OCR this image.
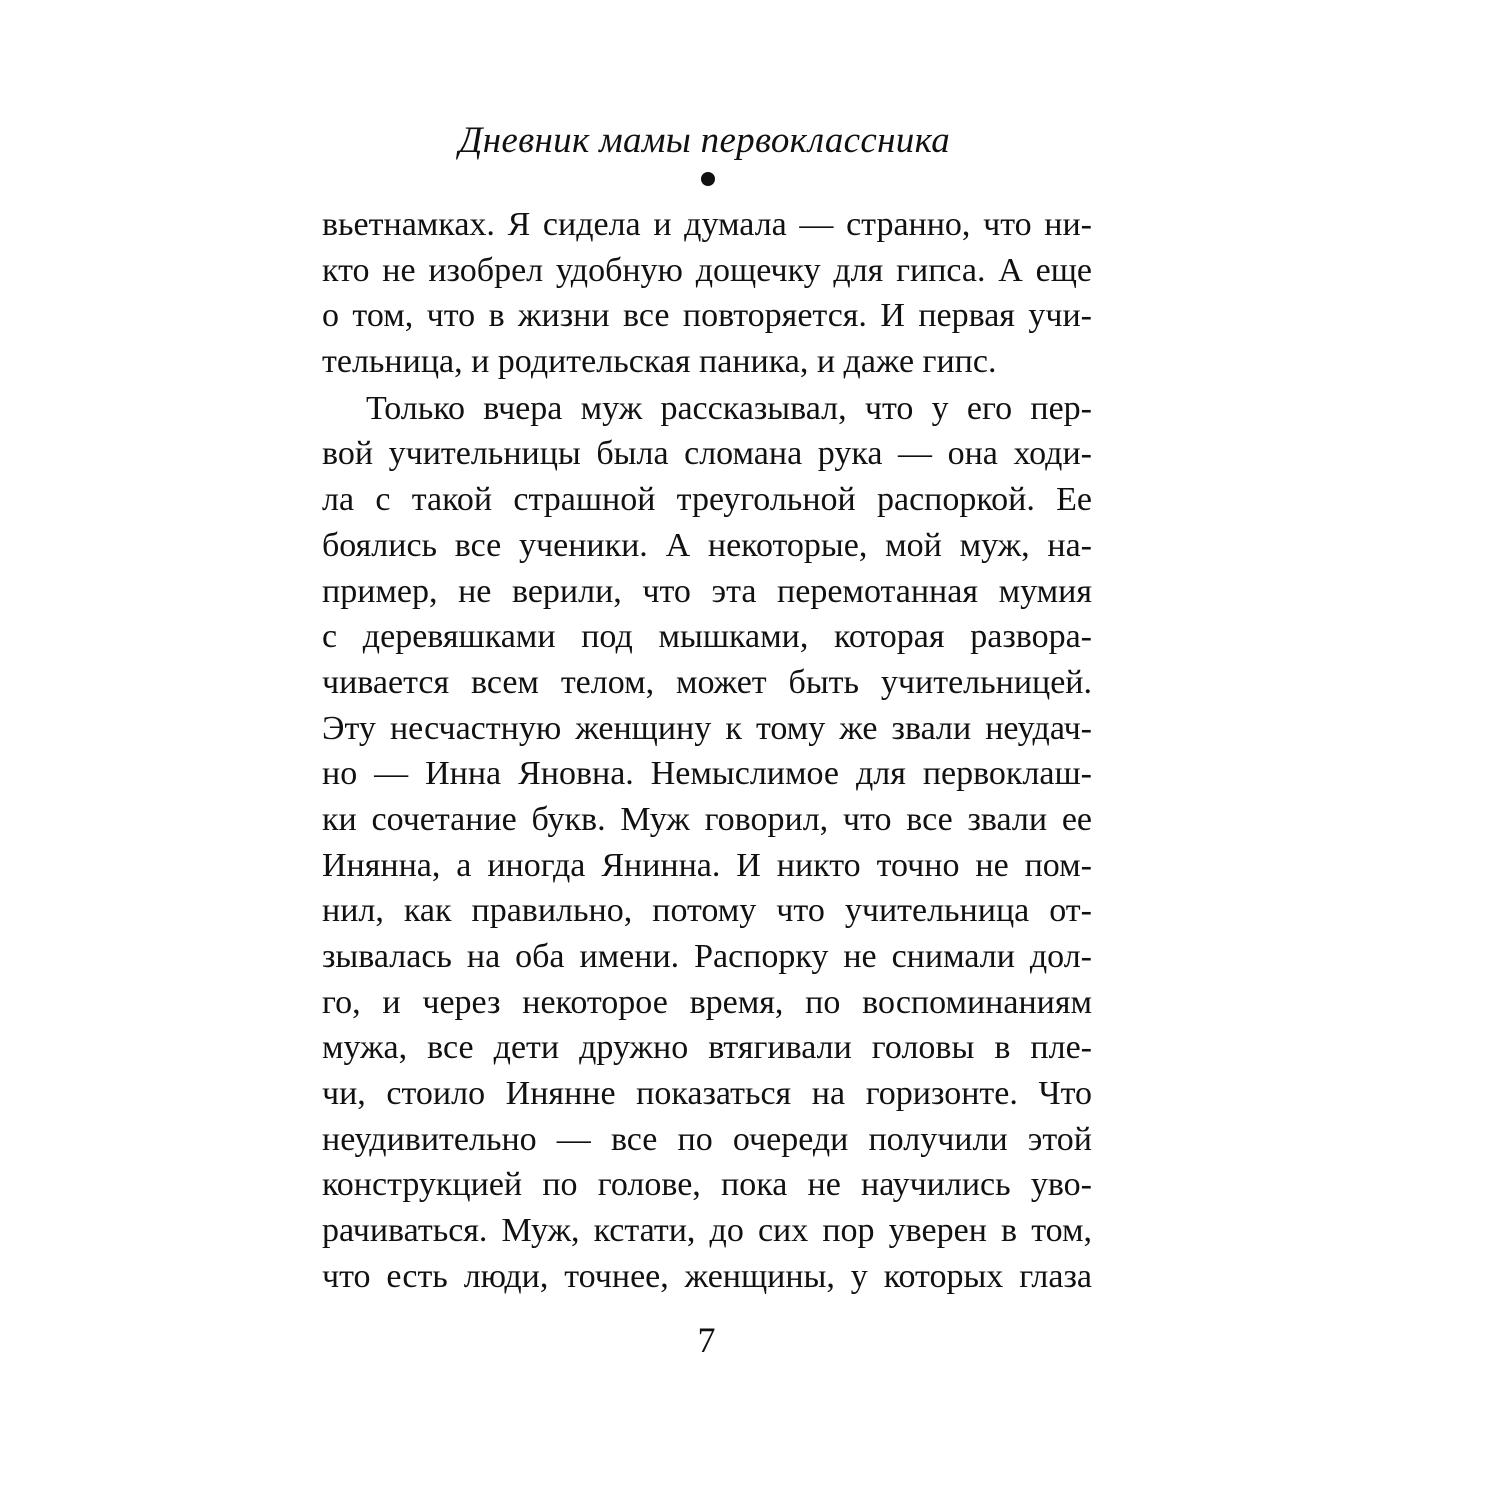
Дневник мамы первоклассника
вьетнамках. Я сидела и думала — странно, что ни-
кто не изобрел удобную дощечку для гипса. А еще
о том, что в жизни все повторяется. И первая учи-
тельница, и родительская паника, и даже гипс.
Только вчера муж рассказывал, что у его пер-
вой учительницы была сломана рука — она ходи-
ла с такой страшной треугольной распоркой. Ее
боялись все ученики. А некоторые, мой муж, на-
пример, не верили, что эта перемотанная мумия
с деревяшками под мышками, которая развора-
чивается всем телом, может быть учительницей.
Эту несчастную женщину к тому же звали неудач-
но — Инна Яновна. Немыслимое для первоклаш-
ки сочетание букв. Муж говорил, что все звали ее
Инянна, а иногда Янинна. И никто точно не пом-
нил, как правильно, потому что учительница от-
зывалась на оба имени. Распорку не снимали дол-
го, и через некоторое время, по воспоминаниям
мужа, все дети дружно втягивали головы в пле-
чи, стоило Инянне показаться на горизонте. Что
неудивительно — все по очереди получили этой
конструкцией по голове, пока не научились уво-
рачиваться. Муж, кстати, до сих пор уверен в том,
что есть люди, точнее, женщины, у которых глаза
7
